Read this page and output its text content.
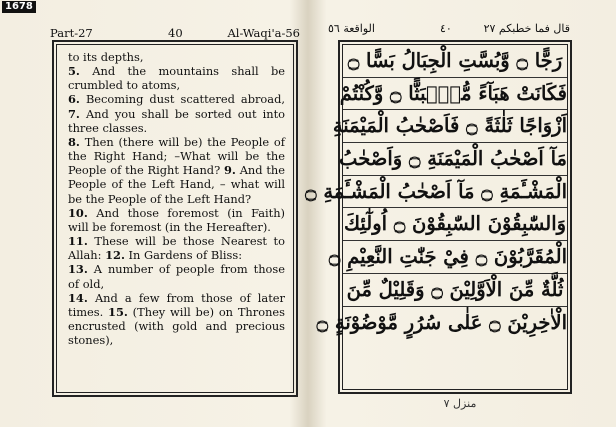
1678
Part-27	40	Al-Waqi'a-56

to its depths,

5. And the mountains shall be crumbled to atoms,

6. Becoming dust scattered abroad, 7. And you shall be sorted out into three classes.

8. Then (there will be) the People of the Right Hand; –What will be the People of the Right Hand? 9. And the People of the Left Hand, – what will be the People of the Left Hand?

10. And those foremost (in Faith) will be foremost (in the Hereafter).

11. These will be those Nearest to Allah: 12. In Gardens of Bliss:

13. A number of people from those of old,

14. And a few from those of later times. 15. (They will be) on Thrones encrusted (with gold and precious stones),

الواقعة ٥٦	٤٠	قال فما خطبكم ٢٧
رَجًّا ۝ وَّبُسَّتِ الْجِبَالُ بَسًّا ۝
فَكَانَتْ هَبَآءً مُّنْۢبَثًّا ۝ وَّكُنْتُمْ
اَزْوَاجًا ثَلٰثَةً ۝ فَاَصْحٰبُ الْمَيْمَنَةِ
مَآ اَصْحٰبُ الْمَيْمَنَةِ ۝ وَاَصْحٰبُ
الْمَشْـَٔمَةِ ۝ مَآ اَصْحٰبُ الْمَشْـَٔمَةِ ۝
وَالسّٰبِقُوْنَ السّٰبِقُوْنَ ۝ اُولٰٓئِكَ
الْمُقَرَّبُوْنَ ۝ فِيْ جَنّٰتِ النَّعِيْمِ ۝
ثُلَّةٌ مِّنَ الْاَوَّلِيْنَ ۝ وَقَلِيْلٌ مِّنَ
الْاٰخِرِيْنَ ۝ عَلٰى سُرُرٍ مَّوْضُوْنَةٍ ۝
منزل ٧
